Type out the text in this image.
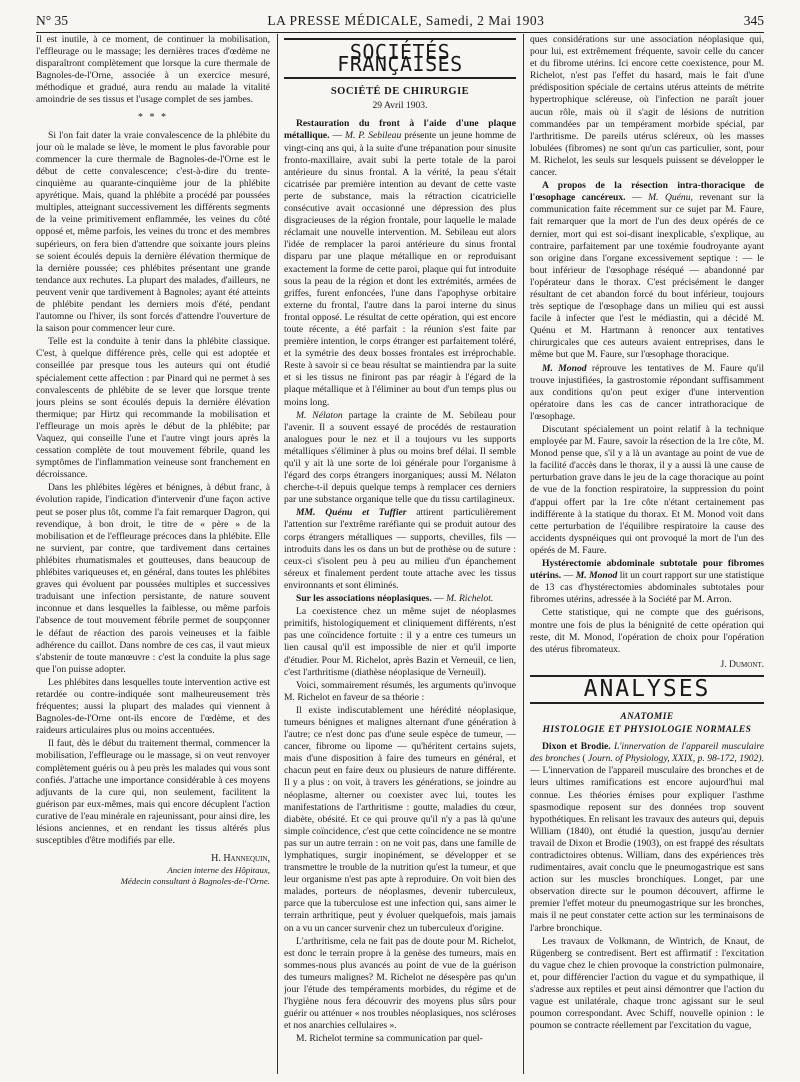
N° 35	LA PRESSE MÉDICALE, Samedi, 2 Mai 1903	345

Il est inutile, à ce moment, de continuer la mobilisation, l'effleurage ou le massage; les dernières traces d'œdème ne disparaîtront complètement que lorsque la cure thermale de Bagnoles-de-l'Orne, associée à un exercice mesuré, méthodique et gradué, aura rendu au malade la vitalité amoindrie de ses tissus et l'usage complet de ses jambes.

* * *

Si l'on fait dater la vraie convalescence de la phlébite du jour où le malade se lève, le moment le plus favorable pour commencer la cure thermale de Bagnoles-de-l'Orne est le début de cette convalescence; c'est-à-dire du trente-cinquième au quarante-cinquième jour de la phlébite apyrétique. Mais, quand la phlébite a procédé par poussées multiples, atteignant successivement les différents segments de la veine primitivement enflammée, les veines du côté opposé et, même parfois, les veines du tronc et des membres supérieurs, on fera bien d'attendre que soixante jours pleins se soient écoulés depuis la dernière élévation thermique de la dernière poussée; ces phlébites présentant une grande tendance aux rechutes. La plupart des malades, d'ailleurs, ne peuvent venir que tardivement à Bagnoles; ayant été atteints de phlébite pendant les derniers mois d'été, pendant l'automne ou l'hiver, ils sont forcés d'attendre l'ouverture de la saison pour commencer leur cure.

Telle est la conduite à tenir dans la phlébite classique. C'est, à quelque différence près, celle qui est adoptée et conseillée par presque tous les auteurs qui ont étudié spécialement cette affection : par Pinard qui ne permet à ses convalescents de phlébite de se lever que lorsque trente jours pleins se sont écoulés depuis la dernière élévation thermique; par Hirtz qui recommande la mobilisation et l'effleurage un mois après le début de la phlébite; par Vaquez, qui conseille l'une et l'autre vingt jours après la cessation complète de tout mouvement fébrile, quand les symptômes de l'inflammation veineuse sont franchement en décroissance.

Dans les phlébites légères et bénignes, à début franc, à évolution rapide, l'indication d'intervenir d'une façon active peut se poser plus tôt, comme l'a fait remarquer Dagron, qui revendique, à bon droit, le titre de « père » de la mobilisation et de l'effleurage précoces dans la phlébite. Elle ne survient, par contre, que tardivement dans certaines phlébites rhumatismales et goutteuses, dans beaucoup de phlébites variqueuses et, en général, dans toutes les phlébites graves qui évoluent par poussées multiples et successives traduisant une infection persistante, de nature souvent inconnue et dans lesquelles la faiblesse, ou même parfois l'absence de tout mouvement fébrile permet de soupçonner le défaut de réaction des parois veineuses et la faible adhérence du caillot. Dans nombre de ces cas, il vaut mieux s'abstenir de toute manœuvre : c'est la conduite la plus sage que l'on puisse adopter.

Les phlébites dans lesquelles toute intervention active est retardée ou contre-indiquée sont malheureusement très fréquentes; aussi la plupart des malades qui viennent à Bagnoles-de-l'Orne ont-ils encore de l'œdème, et des raideurs articulaires plus ou moins accentuées.

Il faut, dès le début du traitement thermal, commencer la mobilisation, l'effleurage ou le massage, si on veut renvoyer complètement guéris ou à peu près les malades qui vous sont confiés. J'attache une importance considérable à ces moyens adjuvants de la cure qui, non seulement, facilitent la guérison par eux-mêmes, mais qui encore décuplent l'action curative de l'eau minérale en rajeunissant, pour ainsi dire, les lésions anciennes, et en rendant les tissus altérés plus susceptibles d'être modifiés par elle.

H. Hannequin,
Ancien interne des Hôpitaux,
Médecin consultant à Bagnoles-de-l'Orne.
SOCIÉTÉS FRANÇAISES
SOCIÉTÉ DE CHIRURGIE
29 Avril 1903.

Restauration du front à l'aide d'une plaque métallique. — M. P. Sebileau présente un jeune homme de vingt-cinq ans qui, à la suite d'une trépanation pour sinusite fronto-maxillaire, avait subi la perte totale de la paroi antérieure du sinus frontal. A la vérité, la peau s'était cicatrisée par première intention au devant de cette vaste perte de substance, mais la rétraction cicatricielle consécutive avait occasionné une dépression des plus disgracieuses de la région frontale, pour laquelle le malade réclamait une nouvelle intervention. M. Sebileau eut alors l'idée de remplacer la paroi antérieure du sinus frontal disparu par une plaque métallique en or reproduisant exactement la forme de cette paroi, plaque qui fut introduite sous la peau de la région et dont les extrémités, armées de griffes, furent enfoncées, l'une dans l'apophyse orbitaire externe du frontal, l'autre dans la paroi interne du sinus frontal opposé. Le résultat de cette opération, qui est encore toute récente, a été parfait : la réunion s'est faite par première intention, le corps étranger est parfaitement toléré, et la symétrie des deux bosses frontales est irréprochable. Reste à savoir si ce beau résultat se maintiendra par la suite et si les tissus ne finiront pas par réagir à l'égard de la plaque métallique et à l'éliminer au bout d'un temps plus ou moins long.

M. Nélaton partage la crainte de M. Sebileau pour l'avenir. Il a souvent essayé de procédés de restauration analogues pour le nez et il a toujours vu les supports métalliques s'éliminer à plus ou moins bref délai. Il semble qu'il y ait là une sorte de loi générale pour l'organisme à l'égard des corps étrangers inorganiques; aussi M. Nélaton cherche-t-il depuis quelque temps à remplacer ces derniers par une substance organique telle que du tissu cartilagineux.

MM. Quénu et Tuffier attirent particulièrement l'attention sur l'extrême raréfiante qui se produit autour des corps étrangers métalliques — supports, chevilles, fils — introduits dans les os dans un but de prothèse ou de suture : ceux-ci s'isolent peu à peu au milieu d'un épanchement séreux et finalement perdent toute attache avec les tissus environnants et sont éliminés.

Sur les associations néoplasiques. — M. Richelot.

La coexistence chez un même sujet de néoplasmes primitifs, histologiquement et cliniquement différents, n'est pas une coïncidence fortuite : il y a entre ces tumeurs un lien causal qu'il est impossible de nier et qu'il importe d'étudier. Pour M. Richelot, après Bazin et Verneuil, ce lien, c'est l'arthritisme (diathèse néoplasique de Verneuil).

Voici, sommairement résumés, les arguments qu'invoque M. Richelot en faveur de sa théorie :

Il existe indiscutablement une hérédité néoplasique, tumeurs bénignes et malignes alternant d'une génération à l'autre; ce n'est donc pas d'une seule espèce de tumeur, — cancer, fibrome ou lipome — qu'héritent certains sujets, mais d'une disposition à faire des tumeurs en général, et chacun peut en faire deux ou plusieurs de nature différente. Il y a plus : on voit, à travers les générations, se joindre au néoplasme, alterner ou coexister avec lui, toutes les manifestations de l'arthritisme : goutte, maladies du cœur, diabète, obésité. Et ce qui prouve qu'il n'y a pas là qu'une simple coïncidence, c'est que cette coïncidence ne se montre pas sur un autre terrain : on ne voit pas, dans une famille de lymphatiques, surgir inopinément, se développer et se transmettre le trouble de la nutrition qu'est la tumeur, et que leur organisme n'est pas apte à reproduire. On voit bien des malades, porteurs de néoplasmes, devenir tuberculeux, parce que la tuberculose est une infection qui, sans aimer le terrain arthritique, peut y évoluer quelquefois, mais jamais on a vu un cancer survenir chez un tuberculeux d'origine.

L'arthritisme, cela ne fait pas de doute pour M. Richelot, est donc le terrain propre à la genèse des tumeurs, mais en sommes-nous plus avancés au point de vue de la guérison des tumeurs malignes? M. Richelot ne désespère pas qu'un jour l'étude des tempéraments morbides, du régime et de l'hygiène nous fera découvrir des moyens plus sûrs pour guérir ou atténuer « nos troubles néoplasiques, nos scléroses et nos anarchies cellulaires ».

M. Richelot termine sa communication par quel-

ques considérations sur une association néoplasique qui, pour lui, est extrêmement fréquente, savoir celle du cancer et du fibrome utérins. Ici encore cette coexistence, pour M. Richelot, n'est pas l'effet du hasard, mais le fait d'une prédisposition spéciale de certains utérus atteints de métrite hypertrophique scléreuse, où l'infection ne paraît jouer aucun rôle, mais où il s'agit de lésions de nutrition commandées par un tempérament morbide spécial, par l'arthritisme. De pareils utérus scléreux, où les masses lobulées (fibromes) ne sont qu'un cas particulier, sont, pour M. Richelot, les seuls sur lesquels puissent se développer le cancer.

A propos de la résection intra-thoracique de l'œsophage cancéreux. — M. Quénu, revenant sur la communication faite récemment sur ce sujet par M. Faure, fait remarquer que la mort de l'un des deux opérés de ce dernier, mort qui est soi-disant inexplicable, s'explique, au contraire, parfaitement par une toxémie foudroyante ayant son origine dans l'organe excessivement septique : — le bout inférieur de l'œsophage réséqué — abandonné par l'opérateur dans le thorax. C'est précisément le danger résultant de cet abandon forcé du bout inférieur, toujours très septique de l'œsophage dans un milieu qui est aussi facile à infecter que l'est le médiastin, qui a décidé M. Quénu et M. Hartmann à renoncer aux tentatives chirurgicales que ces auteurs avaient entreprises, dans le même but que M. Faure, sur l'œsophage thoracique.

M. Monod réprouve les tentatives de M. Faure qu'il trouve injustifiées, la gastrostomie répondant suffisamment aux conditions qu'on peut exiger d'une intervention opératoire dans les cas de cancer intrathoracique de l'œsophage.

Discutant spécialement un point relatif à la technique employée par M. Faure, savoir la résection de la 1re côte, M. Monod pense que, s'il y a là un avantage au point de vue de la facilité d'accès dans le thorax, il y a aussi là une cause de perturbation grave dans le jeu de la cage thoracique au point de vue de la fonction respiratoire, la suppression du point d'appui offert par la 1re côte n'étant certainement pas indifférente à la statique du thorax. Et M. Monod voit dans cette perturbation de l'équilibre respiratoire la cause des accidents dyspnéiques qui ont provoqué la mort de l'un des opérés de M. Faure.

Hystérectomie abdominale subtotale pour fibromes utérins. — M. Monod lit un court rapport sur une statistique de 13 cas d'hystérectomies abdominales subtotales pour fibromes utérins, adressée à la Société par M. Arron.

Cette statistique, qui ne compte que des guérisons, montre une fois de plus la bénignité de cette opération qui reste, dit M. Monod, l'opération de choix pour l'opération des utérus fibromateux.

J. Dumont.
ANALYSES
ANATOMIE
HISTOLOGIE ET PHYSIOLOGIE NORMALES

Dixon et Brodie. L'innervation de l'appareil musculaire des bronches ( Journ. of Physiology, XXIX, p. 98-172, 1902). — L'innervation de l'appareil musculaire des bronches et de leurs ultimes ramifications est encore aujourd'hui mal connue. Les théories émises pour expliquer l'asthme spasmodique reposent sur des données trop souvent hypothétiques. En relisant les travaux des auteurs qui, depuis William (1840), ont étudié la question, jusqu'au dernier travail de Dixon et Brodie (1903), on est frappé des résultats contradictoires obtenus. William, dans des expériences très rudimentaires, avait conclu que le pneumogastrique est sans action sur les muscles bronchiques. Longet, par une observation directe sur le poumon découvert, affirme le premier l'effet moteur du pneumogastrique sur les bronches, mais il ne peut constater cette action sur les terminaisons de l'arbre bronchique.

Les travaux de Volkmann, de Wintrich, de Knaut, de Rügenberg se contredisent. Bert est affirmatif : l'excitation du vague chez le chien provoque la constriction pulmonaire, et, pour différencier l'action du vague et du sympathique, il s'adresse aux reptiles et peut ainsi démontrer que l'action du vague est unilatérale, chaque tronc agissant sur le seul poumon correspondant. Avec Schiff, nouvelle opinion : le poumon se contracte réellement par l'excitation du vague,
